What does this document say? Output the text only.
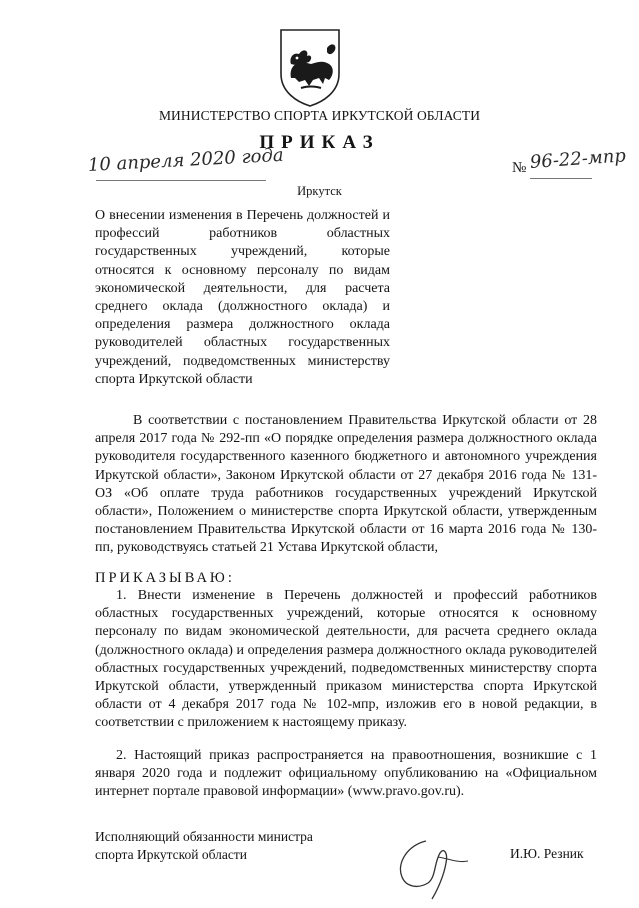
МИНИСТЕРСТВО СПОРТА ИРКУТСКОЙ ОБЛАСТИ
ПРИКАЗ
10 апреля 2020 года	№ 96-22-мпр
Иркутск
О внесении изменения в Перечень должностей и профессий работников областных государственных учреждений, которые относятся к основному персоналу по видам экономической деятельности, для расчета среднего оклада (должностного оклада) и определения размера должностного оклада руководителей областных государственных учреждений, подведомственных министерству спорта Иркутской области
В соответствии с постановлением Правительства Иркутской области от 28 апреля 2017 года № 292-пп «О порядке определения размера должностного оклада руководителя государственного казенного бюджетного и автономного учреждения Иркутской области», Законом Иркутской области от 27 декабря 2016 года № 131-ОЗ «Об оплате труда работников государственных учреждений Иркутской области», Положением о министерстве спорта Иркутской области, утвержденным постановлением Правительства Иркутской области от 16 марта 2016 года № 130-пп, руководствуясь статьей 21 Устава Иркутской области,
ПРИКАЗЫВАЮ:
1. Внести изменение в Перечень должностей и профессий работников областных государственных учреждений, которые относятся к основному персоналу по видам экономической деятельности, для расчета среднего оклада (должностного оклада) и определения размера должностного оклада руководителей областных государственных учреждений, подведомственных министерству спорта Иркутской области, утвержденный приказом министерства спорта Иркутской области от 4 декабря 2017 года № 102-мпр, изложив его в новой редакции, в соответствии с приложением к настоящему приказу.
2. Настоящий приказ распространяется на правоотношения, возникшие с 1 января 2020 года и подлежит официальному опубликованию на «Официальном интернет портале правовой информации» (www.pravo.gov.ru).
Исполняющий обязанности министра
спорта Иркутской области	И.Ю. Резник
